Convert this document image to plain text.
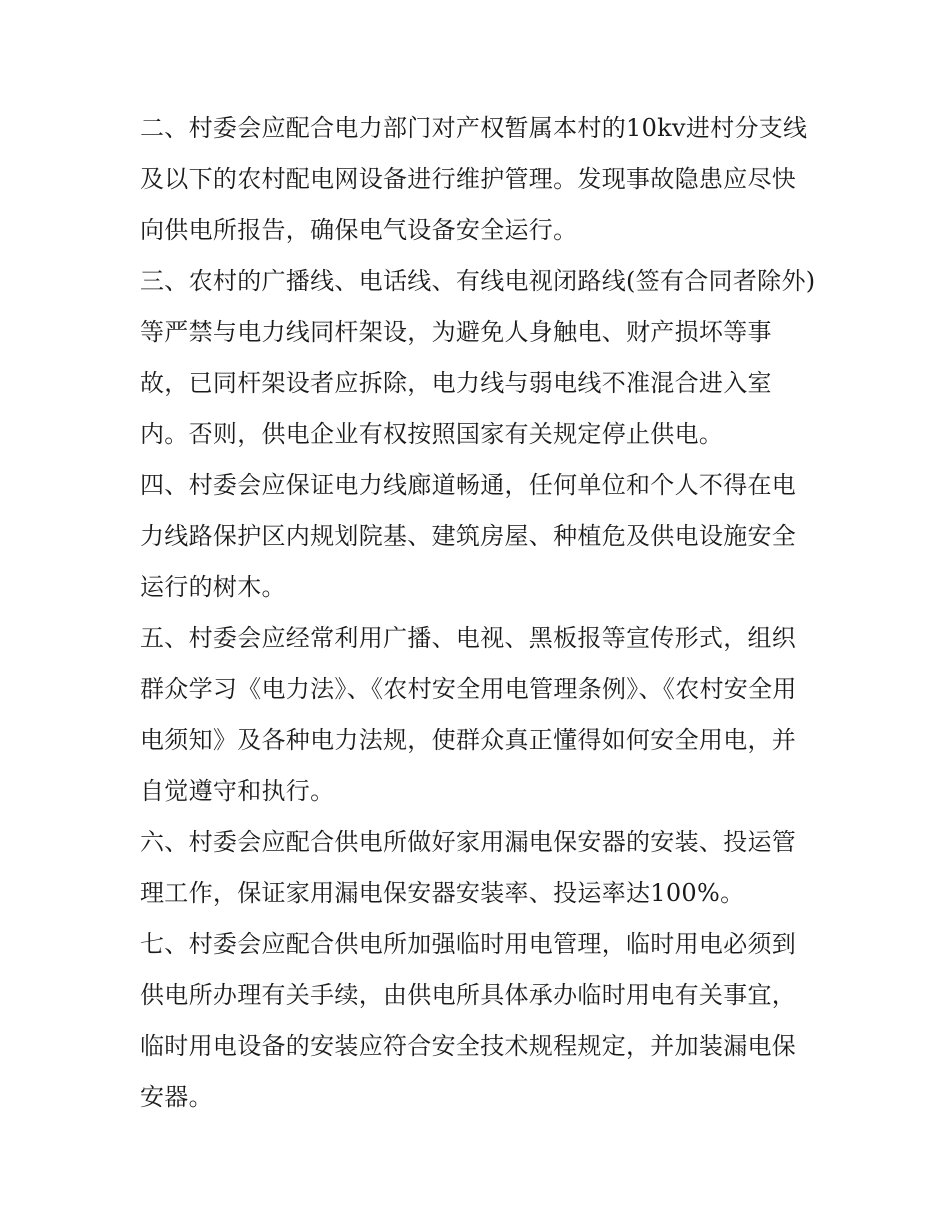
二、村委会应配合电力部门对产权暂属本村的10kv进村分支线及以下的农村配电网设备进行维护管理。发现事故隐患应尽快向供电所报告，确保电气设备安全运行。

三、农村的广播线、电话线、有线电视闭路线(签有合同者除外)等严禁与电力线同杆架设，为避免人身触电、财产损坏等事故，已同杆架设者应拆除，电力线与弱电线不准混合进入室内。否则，供电企业有权按照国家有关规定停止供电。

四、村委会应保证电力线廊道畅通，任何单位和个人不得在电力线路保护区内规划院基、建筑房屋、种植危及供电设施安全运行的树木。

五、村委会应经常利用广播、电视、黑板报等宣传形式，组织群众学习《电力法》、《农村安全用电管理条例》、《农村安全用电须知》及各种电力法规，使群众真正懂得如何安全用电，并自觉遵守和执行。

六、村委会应配合供电所做好家用漏电保安器的安装、投运管理工作，保证家用漏电保安器安装率、投运率达100%。

七、村委会应配合供电所加强临时用电管理，临时用电必须到供电所办理有关手续，由供电所具体承办临时用电有关事宜，临时用电设备的安装应符合安全技术规程规定，并加装漏电保安器。
